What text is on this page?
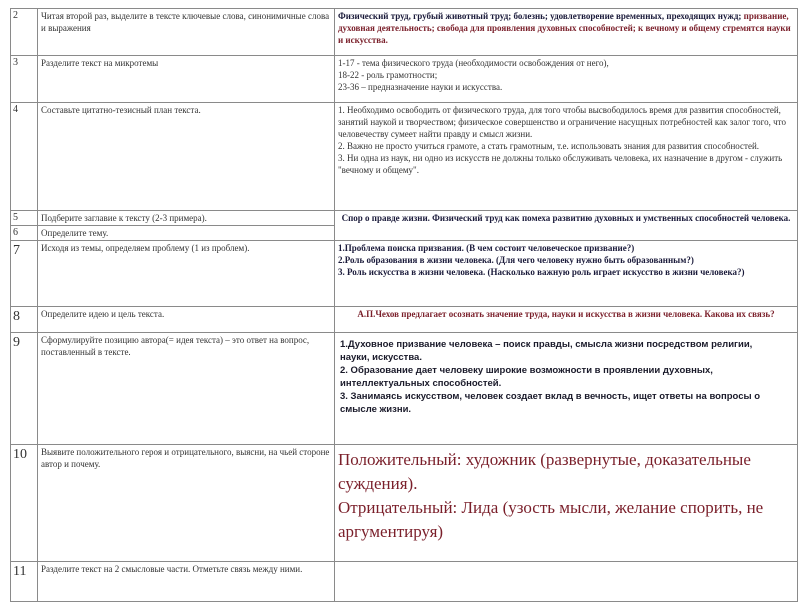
2	Читая второй раз, выделите в тексте ключевые слова, синонимичные слова и выражения	Физический труд, грубый животный труд; болезнь; удовлетворение временных, преходящих нужд; призвание, духовная деятельность; свобода для проявления духовных способностей; к вечному и общему стремятся науки и искусства.
3	Разделите текст на микротемы	1-17 - тема физического труда (необходимости освобождения от него),
18-22 - роль грамотности;
23-36 – предназначение науки и искусства.

4	Составьте цитатно-тезисный план текста.	1. Необходимо освободить от физического труда, для того чтобы высвободилось время для развития способностей, занятий наукой и творчеством; физическое совершенство и ограничение насущных потребностей как залог того, что человечеству сумеет найти правду и смысл жизни.
2. Важно не просто учиться грамоте, а стать грамотным, т.е. использовать знания для развития способностей.
3. Ни одна из наук, ни одно из искусств не должны только обслуживать человека, их назначение в другом - служить "вечному и общему".

5	Подберите заглавие к тексту (2-3 примера).	Спор о правде жизни. Физический труд как помеха развитию духовных и умственных способностей человека.
6	Определите тему.	
7	Исходя из темы, определяем проблему (1 из проблем).	1.Проблема поиска призвания. (В чем состоит человеческое призвание?)
2.Роль образования в жизни человека. (Для чего человеку нужно быть образованным?)
3. Роль искусства в жизни человека. (Насколько важную роль играет искусство в жизни человека?)

8	Определите идею и цель текста.	А.П.Чехов предлагает осознать значение труда, науки и искусства в жизни человека. Какова их связь?
9	Сформулируйте позицию автора(= идея текста) – это ответ на вопрос, поставленный в тексте.	1.Духовное призвание человека – поиск правды, смысла жизни посредством религии,
науки, искусства.
2. Образование дает человеку широкие возможности в проявлении духовных, интеллектуальных способностей.
3. Занимаясь искусством, человек создает вклад в вечность, ищет ответы на вопросы о
смысле жизни.

10	Выявите положительного героя и отрицательного, выясни, на чьей стороне автор и почему.	Положительный: художник (развернутые, доказательные суждения).
Отрицательный: Лида (узость мысли, желание спорить, не аргументируя)

11	Разделите текст на 2 смысловые части. Отметьте связь между ними.	
